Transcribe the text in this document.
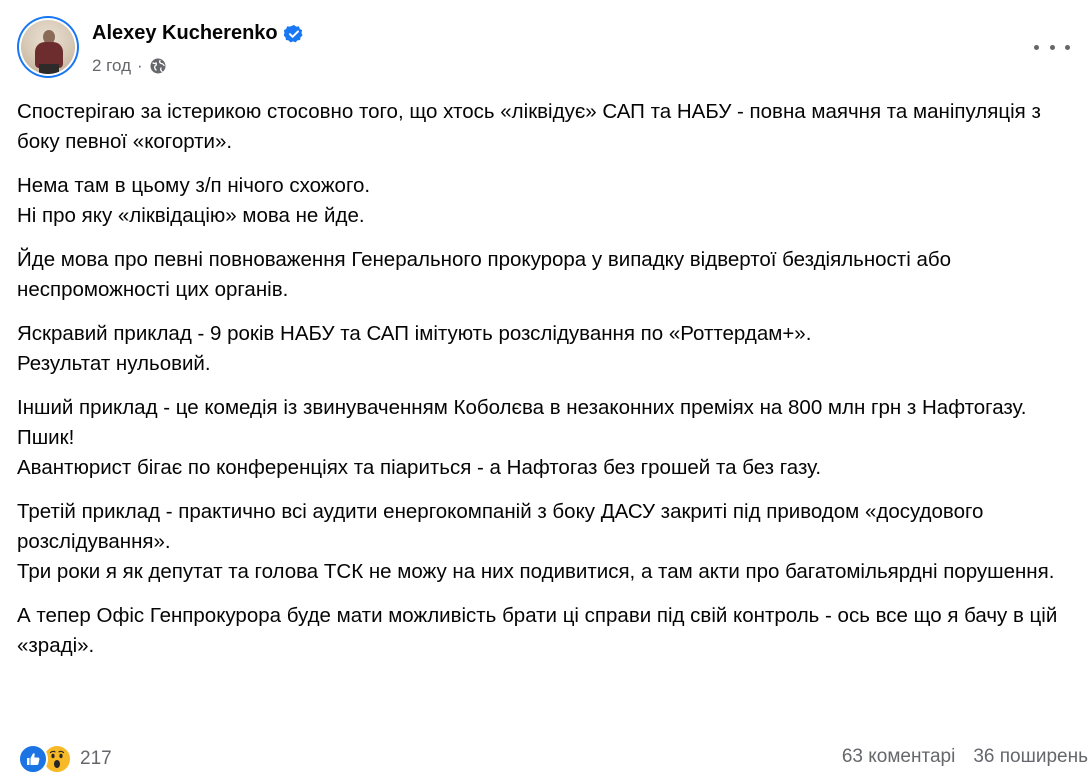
Alexey Kucherenko
2 год ·

Спостерігаю за істерикою стосовно того, що хтось «ліквідує» САП та НАБУ - повна маячня та маніпуляція з боку певної «когорти».

Нема там в цьому з/п нічого схожого.
Ні про яку «ліквідацію» мова не йде.

Йде мова про певні повноваження Генерального прокурора у випадку відвертої бездіяльності або неспроможності цих органів.

Яскравий приклад - 9 років НАБУ та САП імітують розслідування по «Роттердам+».
Результат нульовий.

Інший приклад - це комедія із звинуваченням Коболєва в незаконних преміях на 800 млн грн з Нафтогазу.
Пшик!
Авантюрист бігає по конференціях та піариться - а Нафтогаз без грошей та без газу.

Третій приклад - практично всі аудити енергокомпаній з боку ДАСУ закриті під приводом «досудового розслідування».
Три роки я як депутат та голова ТСК не можу на них подивитися, а там акти про багатомільярдні порушення.

А тепер Офіс Генпрокурора буде мати можливість брати ці справи під свій контроль - ось все що я бачу в цій «зраді».

217	63 коментарі 36 поширень
